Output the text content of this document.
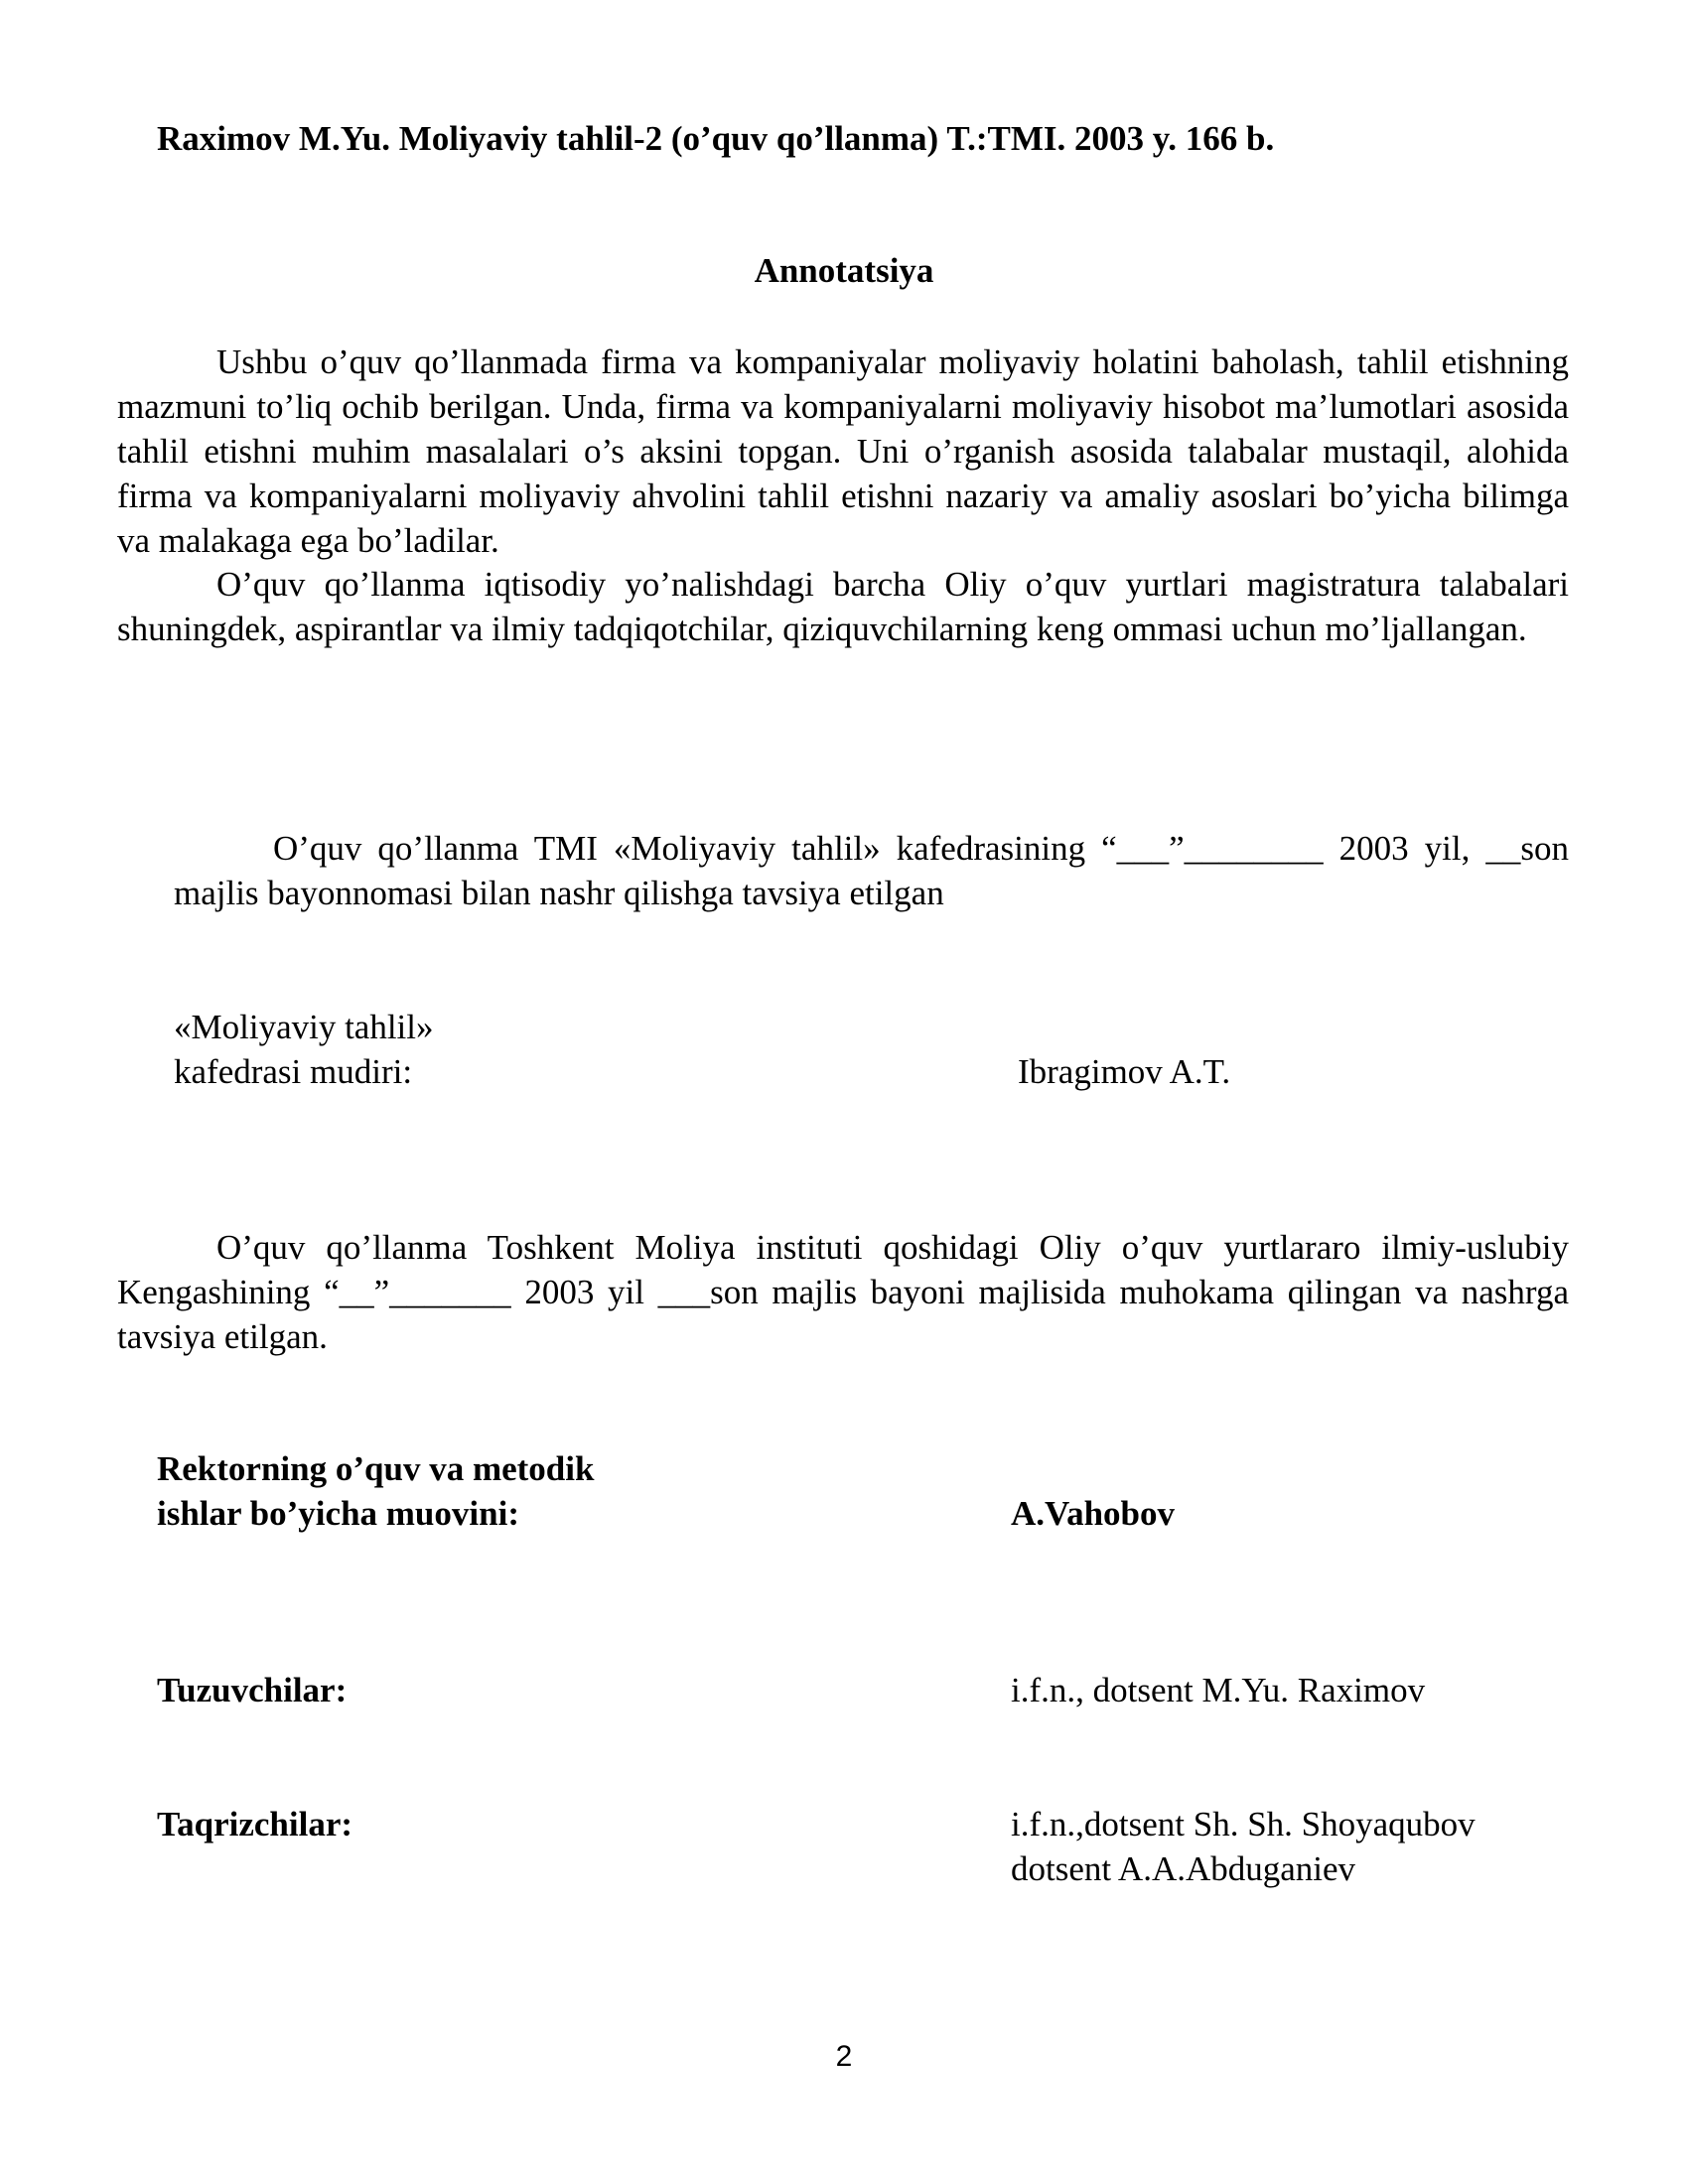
Raximov M.Yu. Moliyaviy tahlil-2 (o’quv qo’llanma) T.:TMI. 2003 y. 166 b.
Annotatsiya

Ushbu o’quv qo’llanmada firma va kompaniyalar moliyaviy holatini baholash, tahlil etishning mazmuni to’liq ochib berilgan. Unda, firma va kompaniyalarni moliyaviy hisobot ma’lumotlari asosida tahlil etishni muhim masalalari o’s aksini topgan. Uni o’rganish asosida talabalar mustaqil, alohida firma va kompaniyalarni moliyaviy ahvolini tahlil etishni nazariy va amaliy asoslari bo’yicha bilimga va malakaga ega bo’ladilar.

O’quv qo’llanma iqtisodiy yo’nalishdagi barcha Oliy o’quv yurtlari magistratura talabalari shuningdek, aspirantlar va ilmiy tadqiqotchilar, qiziquvchilarning keng ommasi uchun mo’ljallangan.

O’quv qo’llanma TMI «Moliyaviy tahlil» kafedrasining “___”________ 2003 yil, __son majlis bayonnomasi bilan nashr qilishga tavsiya etilgan

«Moliyaviy tahlil»
kafedrasi mudiri:	Ibragimov A.T.

O’quv qo’llanma Toshkent Moliya instituti qoshidagi Oliy o’quv yurtlararo ilmiy-uslubiy Kengashining “__”_______ 2003 yil ___son majlis bayoni majlisida muhokama qilingan va nashrga tavsiya etilgan.

Rektorning o’quv va metodik
ishlar bo’yicha muovini:	A.Vahobov
Tuzuvchilar:	i.f.n., dotsent M.Yu. Raximov
Taqrizchilar:	i.f.n.,dotsent Sh. Sh. Shoyaqubov
dotsent A.A.Abduganiev
2
